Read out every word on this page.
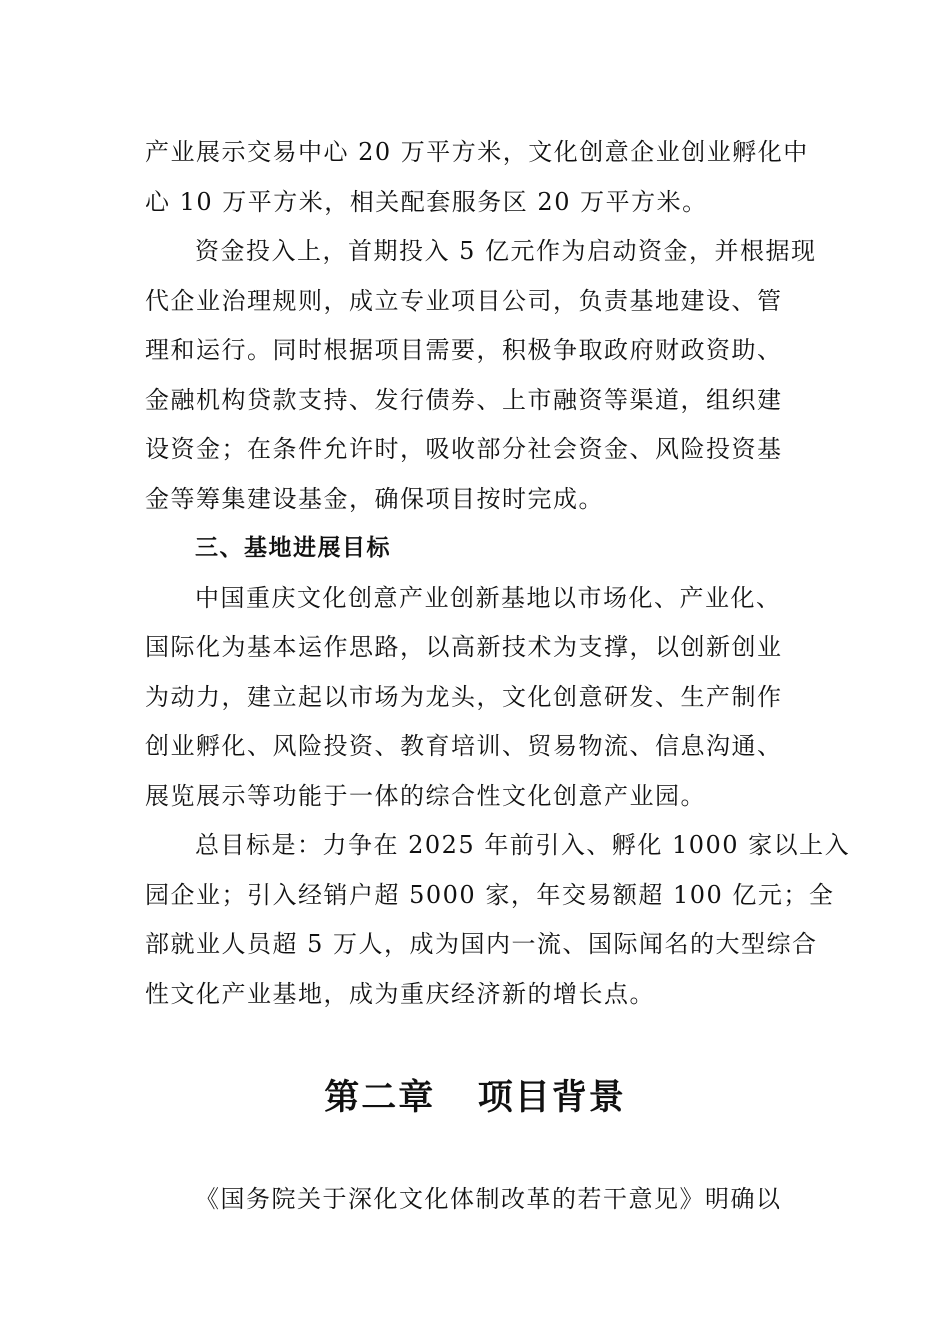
产业展示交易中心 20 万平方米，文化创意企业创业孵化中
心 10 万平方米，相关配套服务区 20 万平方米。
资金投入上，首期投入 5 亿元作为启动资金，并根据现
代企业治理规则，成立专业项目公司，负责基地建设、管
理和运行。同时根据项目需要，积极争取政府财政资助、
金融机构贷款支持、发行债券、上市融资等渠道，组织建
设资金；在条件允许时，吸收部分社会资金、风险投资基
金等筹集建设基金，确保项目按时完成。
三、基地进展目标
中国重庆文化创意产业创新基地以市场化、产业化、
国际化为基本运作思路，以高新技术为支撑，以创新创业
为动力，建立起以市场为龙头，文化创意研发、生产制作
创业孵化、风险投资、教育培训、贸易物流、信息沟通、
展览展示等功能于一体的综合性文化创意产业园。
总目标是：力争在 2025 年前引入、孵化 1000 家以上入
园企业；引入经销户超 5000 家，年交易额超 100 亿元；全
部就业人员超 5 万人，成为国内一流、国际闻名的大型综合
性文化产业基地，成为重庆经济新的增长点。
第二章   项目背景
《国务院关于深化文化体制改革的若干意见》明确以
